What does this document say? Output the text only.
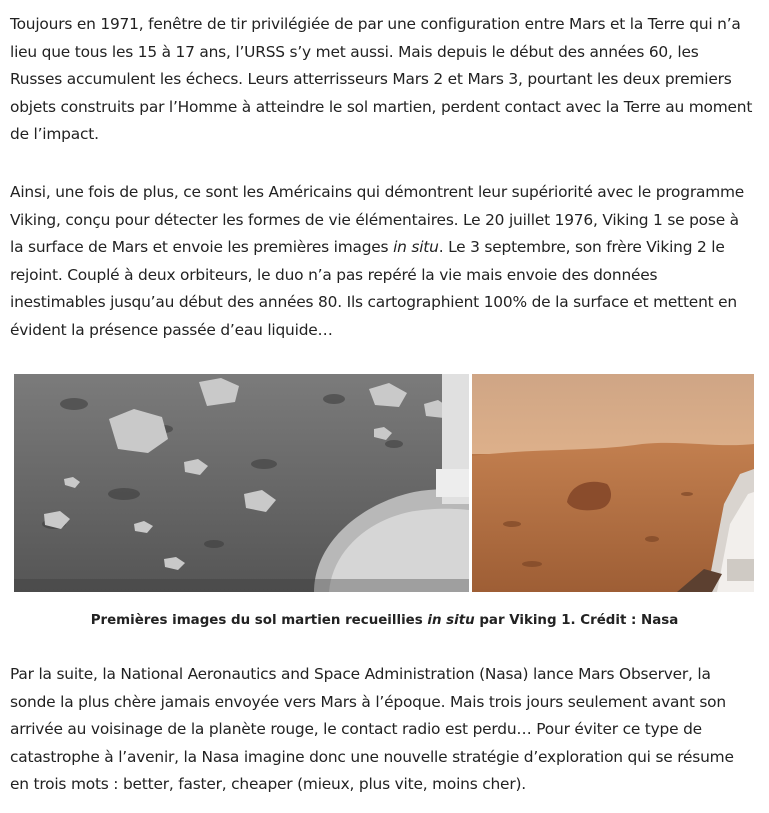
Toujours en 1971, fenêtre de tir privilégiée de par une configuration entre Mars et la Terre qui n’a lieu que tous les 15 à 17 ans, l’URSS s’y met aussi. Mais depuis le début des années 60, les Russes accumulent les échecs. Leurs atterrisseurs Mars 2 et Mars 3, pourtant les deux premiers objets construits par l’Homme à atteindre le sol martien, perdent contact avec la Terre au moment de l’impact.

Ainsi, une fois de plus, ce sont les Américains qui démontrent leur supériorité avec le programme Viking, conçu pour détecter les formes de vie élémentaires. Le 20 juillet 1976, Viking 1 se pose à la surface de Mars et envoie les premières images in situ. Le 3 septembre, son frère Viking 2 le rejoint. Couplé à deux orbiteurs, le duo n’a pas repéré la vie mais envoie des données inestimables jusqu’au début des années 80. Ils cartographient 100% de la surface et mettent en évident la présence passée d’eau liquide…

Premières images du sol martien recueillies in situ par Viking 1. Crédit : Nasa

Par la suite, la National Aeronautics and Space Administration (Nasa) lance Mars Observer, la sonde la plus chère jamais envoyée vers Mars à l’époque. Mais trois jours seulement avant son arrivée au voisinage de la planète rouge, le contact radio est perdu… Pour éviter ce type de catastrophe à l’avenir, la Nasa imagine donc une nouvelle stratégie d’exploration qui se résume en trois mots : better, faster, cheaper (mieux, plus vite, moins cher).
